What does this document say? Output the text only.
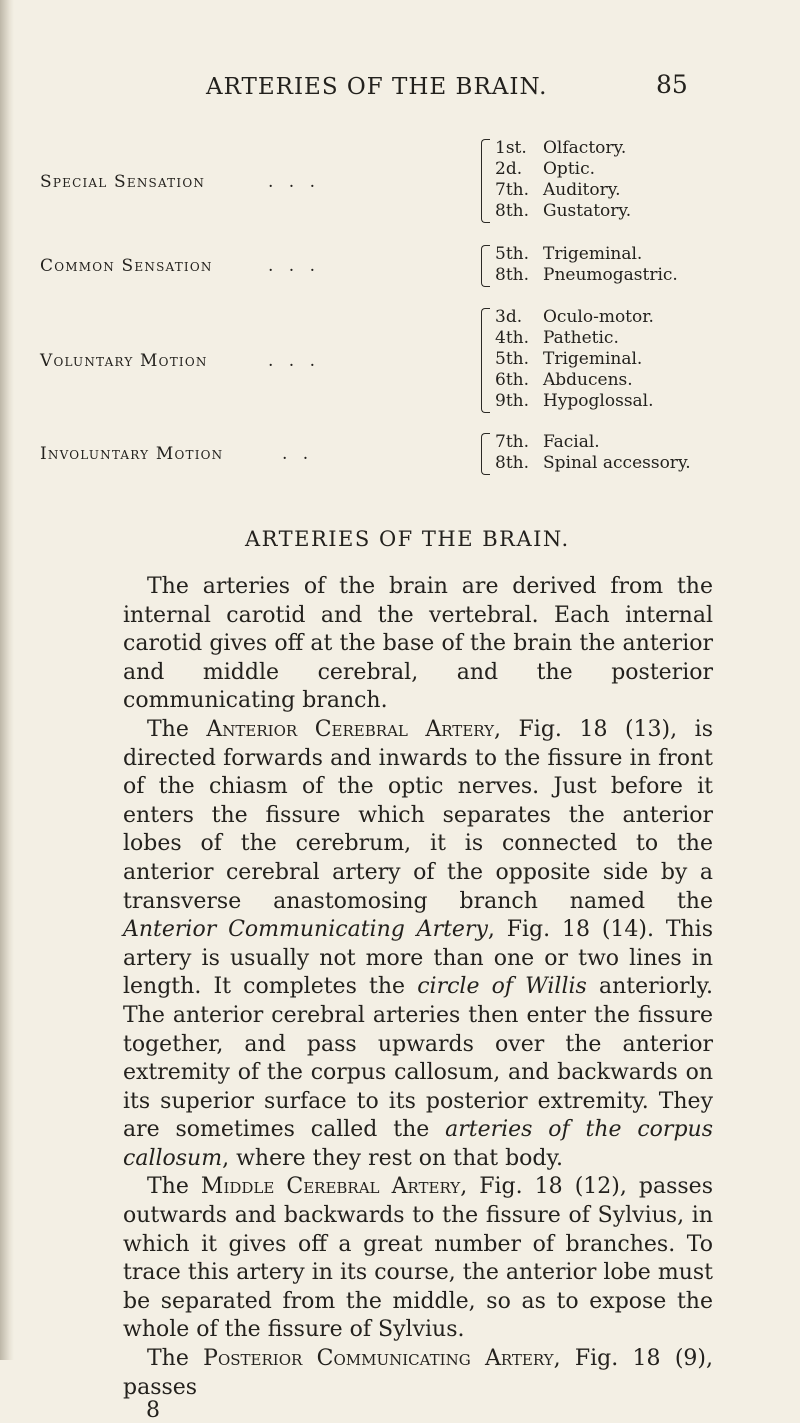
ARTERIES OF THE BRAIN.	85
Special Sensation	. . .
1st. Olfactory.
2d. Optic.
7th. Auditory.
8th. Gustatory.
Common Sensation	. . .
5th. Trigeminal.
8th. Pneumogastric.
Voluntary Motion	. . .
3d. Oculo-motor.
4th. Pathetic.
5th. Trigeminal.
6th. Abducens.
9th. Hypoglossal.
Involuntary Motion	. .
7th. Facial.
8th. Spinal accessory.
ARTERIES OF THE BRAIN.

The arteries of the brain are derived from the internal carotid and the vertebral. Each internal carotid gives off at the base of the brain the anterior and middle cerebral, and the posterior communicating branch.

The Anterior Cerebral Artery, Fig. 18 (13), is directed forwards and inwards to the fissure in front of the chiasm of the optic nerves. Just before it enters the fissure which separates the anterior lobes of the cerebrum, it is connected to the anterior cerebral artery of the opposite side by a transverse anastomosing branch named the Anterior Communicating Artery, Fig. 18 (14). This artery is usually not more than one or two lines in length. It completes the circle of Willis anteriorly. The anterior cerebral arteries then enter the fissure together, and pass upwards over the anterior extremity of the corpus callosum, and backwards on its superior surface to its posterior extremity. They are sometimes called the arteries of the corpus callosum, where they rest on that body.

The Middle Cerebral Artery, Fig. 18 (12), passes outwards and backwards to the fissure of Sylvius, in which it gives off a great number of branches. To trace this artery in its course, the anterior lobe must be separated from the middle, so as to expose the whole of the fissure of Sylvius.

The Posterior Communicating Artery, Fig. 18 (9), passes

8
